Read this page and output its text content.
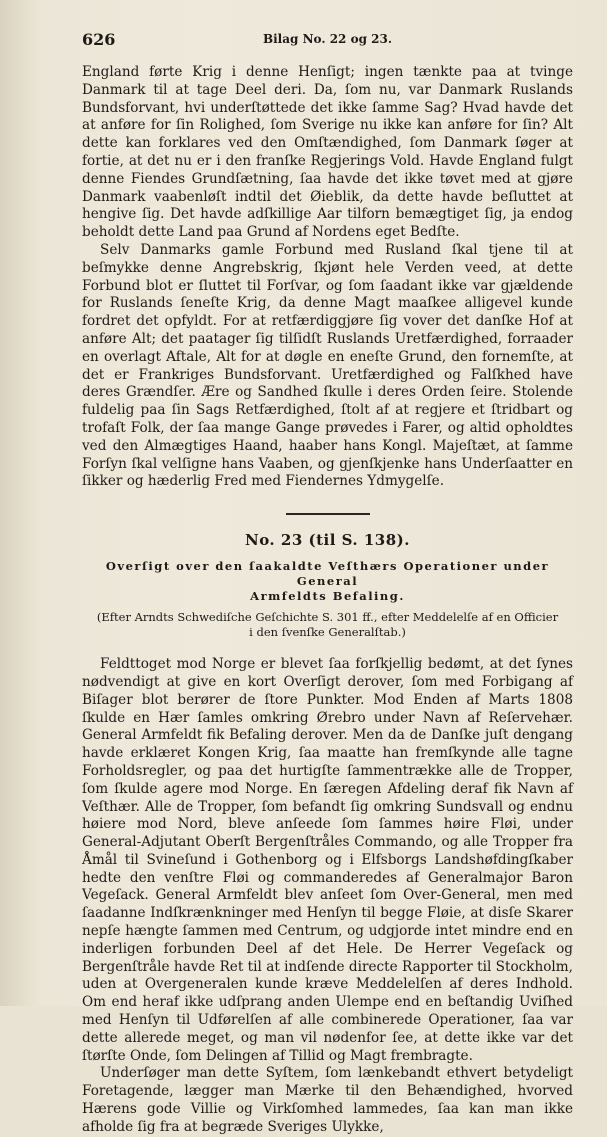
626	Bilag No. 22 og 23.

England førte Krig i denne Henſigt; ingen tænkte paa at tvinge Danmark til at tage Deel deri. Da, ſom nu, var Danmark Ruslands Bundsforvant, hvi underſtøttede det ikke ſamme Sag? Hvad havde det at anføre for ſin Rolighed, ſom Sverige nu ikke kan anføre for ſin? Alt dette kan forklares ved den Omſtændighed, ſom Danmark ſøger at fortie, at det nu er i den franſke Regjerings Vold. Havde England fulgt denne Fiendes Grundſætning, ſaa havde det ikke tøvet med at gjøre Danmark vaabenløſt indtil det Øieblik, da dette havde beſluttet at hengive ſig. Det havde adſkillige Aar tilforn bemægtiget ſig, ja endog beholdt dette Land paa Grund af Nordens eget Bedſte.

Selv Danmarks gamle Forbund med Rusland ſkal tjene til at beſmykke denne Angrebskrig, ſkjønt hele Verden veed, at dette Forbund blot er ſluttet til Forſvar, og ſom ſaadant ikke var gjældende for Ruslands ſeneſte Krig, da denne Magt maaſkee alligevel kunde fordret det opfyldt. For at retfærdiggjøre ſig vover det danſke Hof at anføre Alt; det paatager ſig tilſidſt Ruslands Uretfærdighed, forraader en overlagt Aftale, Alt for at døgle en eneſte Grund, den fornemſte, at det er Frankriges Bundsforvant. Uretfærdighed og Falſkhed have deres Grændſer. Ære og Sandhed ſkulle i deres Orden ſeire. Stolende fuldelig paa ſin Sags Retfærdighed, ſtolt af at regjere et ſtridbart og trofaſt Folk, der ſaa mange Gange prøvedes i Farer, og altid opholdtes ved den Almægtiges Haand, haaber hans Kongl. Majeſtæt, at ſamme Forſyn ſkal velſigne hans Vaaben, og gjenſkjenke hans Underſaatter en ſikker og hæderlig Fred med Fiendernes Ydmygelſe.

No. 23 (til S. 138).
Overſigt over den ſaakaldte Veſthærs Operationer under General
Armfeldts Befaling.
(Efter Arndts Schwediſche Geſchichte S. 301 ff., efter Meddelelſe af en Officier
i den ſvenſke Generalſtab.)

Feldttoget mod Norge er blevet ſaa forſkjellig bedømt, at det ſynes nødvendigt at give en kort Overſigt derover, ſom med Forbigang af Biſager blot berører de ſtore Punkter. Mod Enden af Marts 1808 ſkulde en Hær ſamles omkring Ørebro under Navn af Reſervehær. General Armfeldt fik Befaling derover. Men da de Danſke juſt dengang havde erklæret Kongen Krig, ſaa maatte han fremſkynde alle tagne Forholdsregler, og paa det hurtigſte ſammentrække alle de Tropper, ſom ſkulde agere mod Norge. En ſæregen Afdeling deraf fik Navn af Veſthær. Alle de Tropper, ſom befandt ſig omkring Sundsvall og endnu høiere mod Nord, bleve anſeede ſom ſammes høire Fløi, under General-Adjutant Oberſt Bergenſtråles Commando, og alle Tropper fra Åmål til Svineſund i Gothenborg og i Elfsborgs Landshøfdingſkaber hedte den venſtre Fløi og commanderedes af Generalmajor Baron Vegeſack. General Armfeldt blev anſeet ſom Over-General, men med ſaadanne Indſkrænkninger med Henſyn til begge Fløie, at disſe Skarer nepſe hængte ſammen med Centrum, og udgjorde intet mindre end en inderligen forbunden Deel af det Hele. De Herrer Vegeſack og Bergenſtråle havde Ret til at indſende directe Rapporter til Stockholm, uden at Overgeneralen kunde kræve Meddelelſen af deres Indhold. Om end heraf ikke udſprang anden Ulempe end en beſtandig Uviſhed med Henſyn til Udførelſen af alle combinerede Operationer, ſaa var dette allerede meget, og man vil nødenfor ſee, at dette ikke var det ſtørſte Onde, ſom Delingen af Tillid og Magt frembragte.

Underſøger man dette Syſtem, ſom lænkebandt ethvert betydeligt Foretagende, lægger man Mærke til den Behændighed, hvorved Hærens gode Villie og Virkſomhed lammedes, ſaa kan man ikke afholde ſig fra at begræde Sveriges Ulykke,
